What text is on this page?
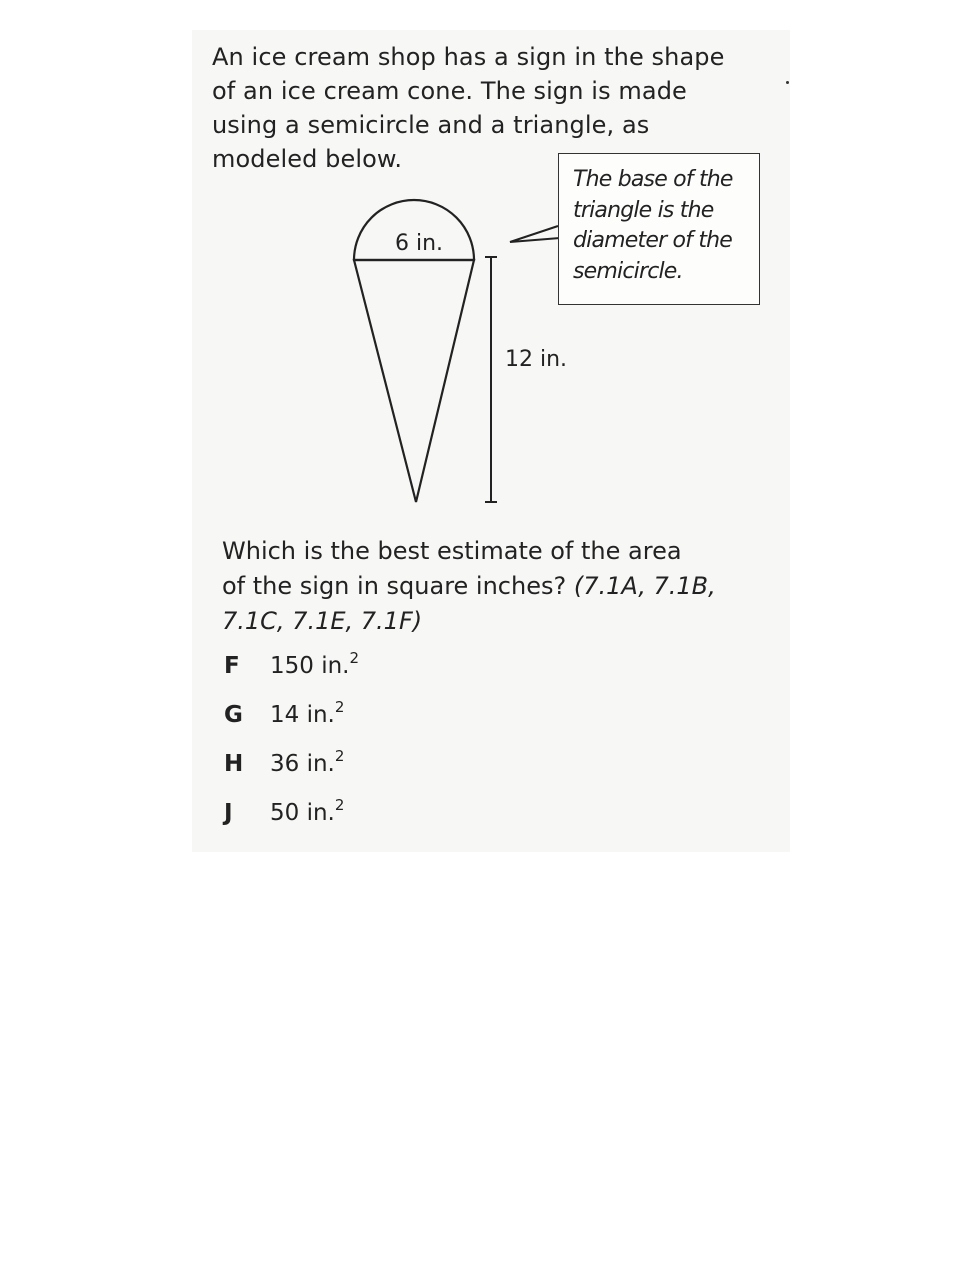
An ice cream shop has a sign in the shape
of an ice cream cone. The sign is made
using a semicircle and a triangle, as
modeled below.

6 in.
12 in.

The base of the
triangle is the
diameter of the
semicircle.

Which is the best estimate of the area
of the sign in square inches? (7.1A, 7.1B,
7.1C, 7.1E, 7.1F)

F 150 in.$^2$
G 14 in.$^2$
H 36 in.$^2$
J 50 in.$^2$
